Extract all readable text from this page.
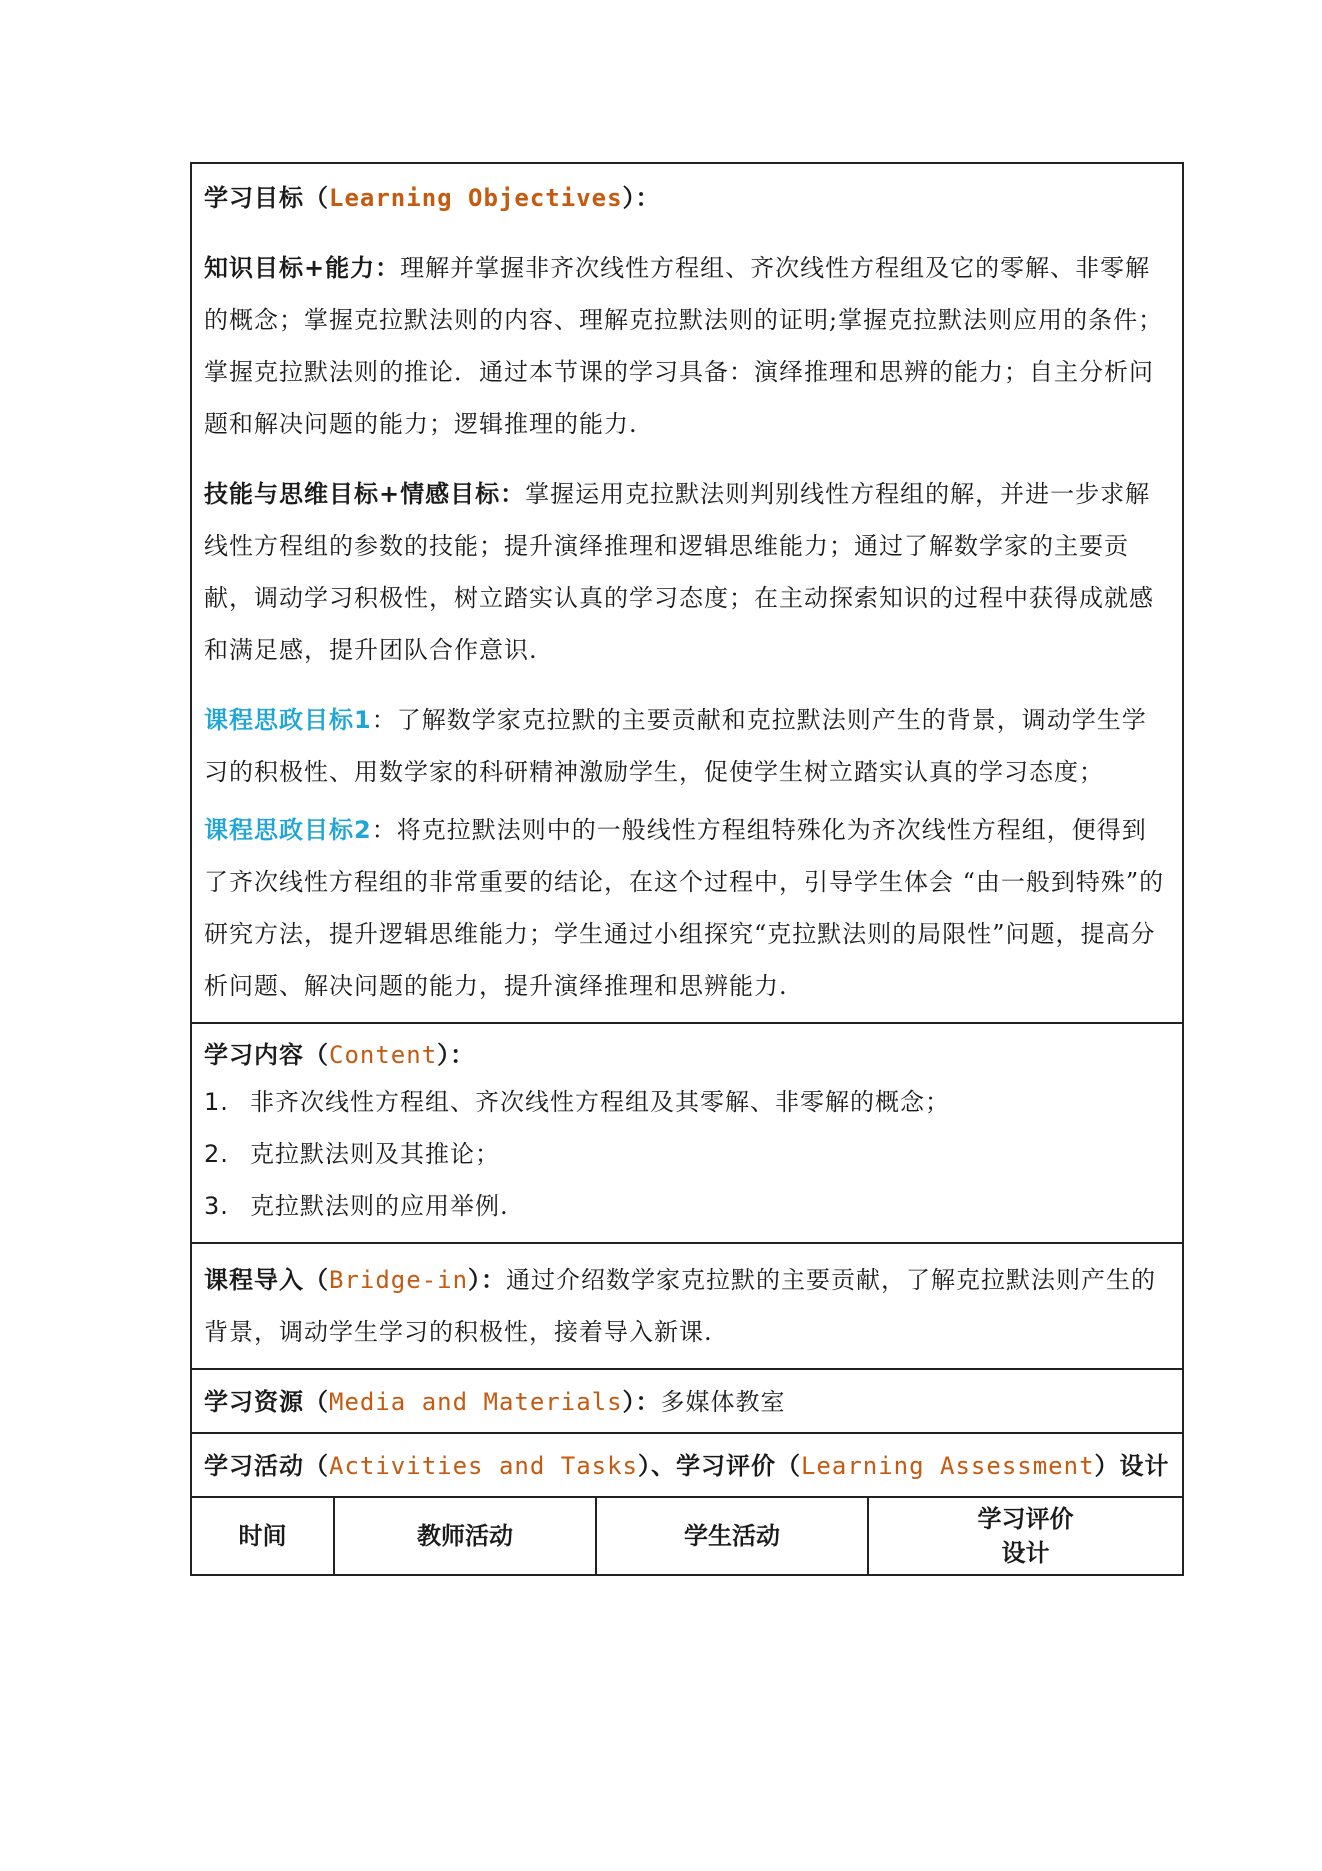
学习目标（Learning Objectives）：

知识目标+能力：理解并掌握非齐次线性方程组、齐次线性方程组及它的零解、非零解的概念；掌握克拉默法则的内容、理解克拉默法则的证明;掌握克拉默法则应用的条件；掌握克拉默法则的推论．通过本节课的学习具备：演绎推理和思辨的能力；自主分析问题和解决问题的能力；逻辑推理的能力.

技能与思维目标+情感目标：掌握运用克拉默法则判别线性方程组的解，并进一步求解线性方程组的参数的技能；提升演绎推理和逻辑思维能力；通过了解数学家的主要贡献，调动学习积极性，树立踏实认真的学习态度；在主动探索知识的过程中获得成就感和满足感，提升团队合作意识.

课程思政目标1：了解数学家克拉默的主要贡献和克拉默法则产生的背景，调动学生学习的积极性、用数学家的科研精神激励学生，促使学生树立踏实认真的学习态度；

课程思政目标2：将克拉默法则中的一般线性方程组特殊化为齐次线性方程组，便得到了齐次线性方程组的非常重要的结论，在这个过程中，引导学生体会 “由一般到特殊”的研究方法，提升逻辑思维能力；学生通过小组探究“克拉默法则的局限性”问题，提高分析问题、解决问题的能力，提升演绎推理和思辨能力.

学习内容（Content）：

1. 非齐次线性方程组、齐次线性方程组及其零解、非零解的概念；
2. 克拉默法则及其推论；
3. 克拉默法则的应用举例.

课程导入（Bridge-in）：通过介绍数学家克拉默的主要贡献，了解克拉默法则产生的背景，调动学生学习的积极性，接着导入新课.

学习资源（Media and Materials）：多媒体教室

学习活动（Activities and Tasks）、学习评价（Learning Assessment）设计

时间	教师活动	学生活动
学习评价
设计
